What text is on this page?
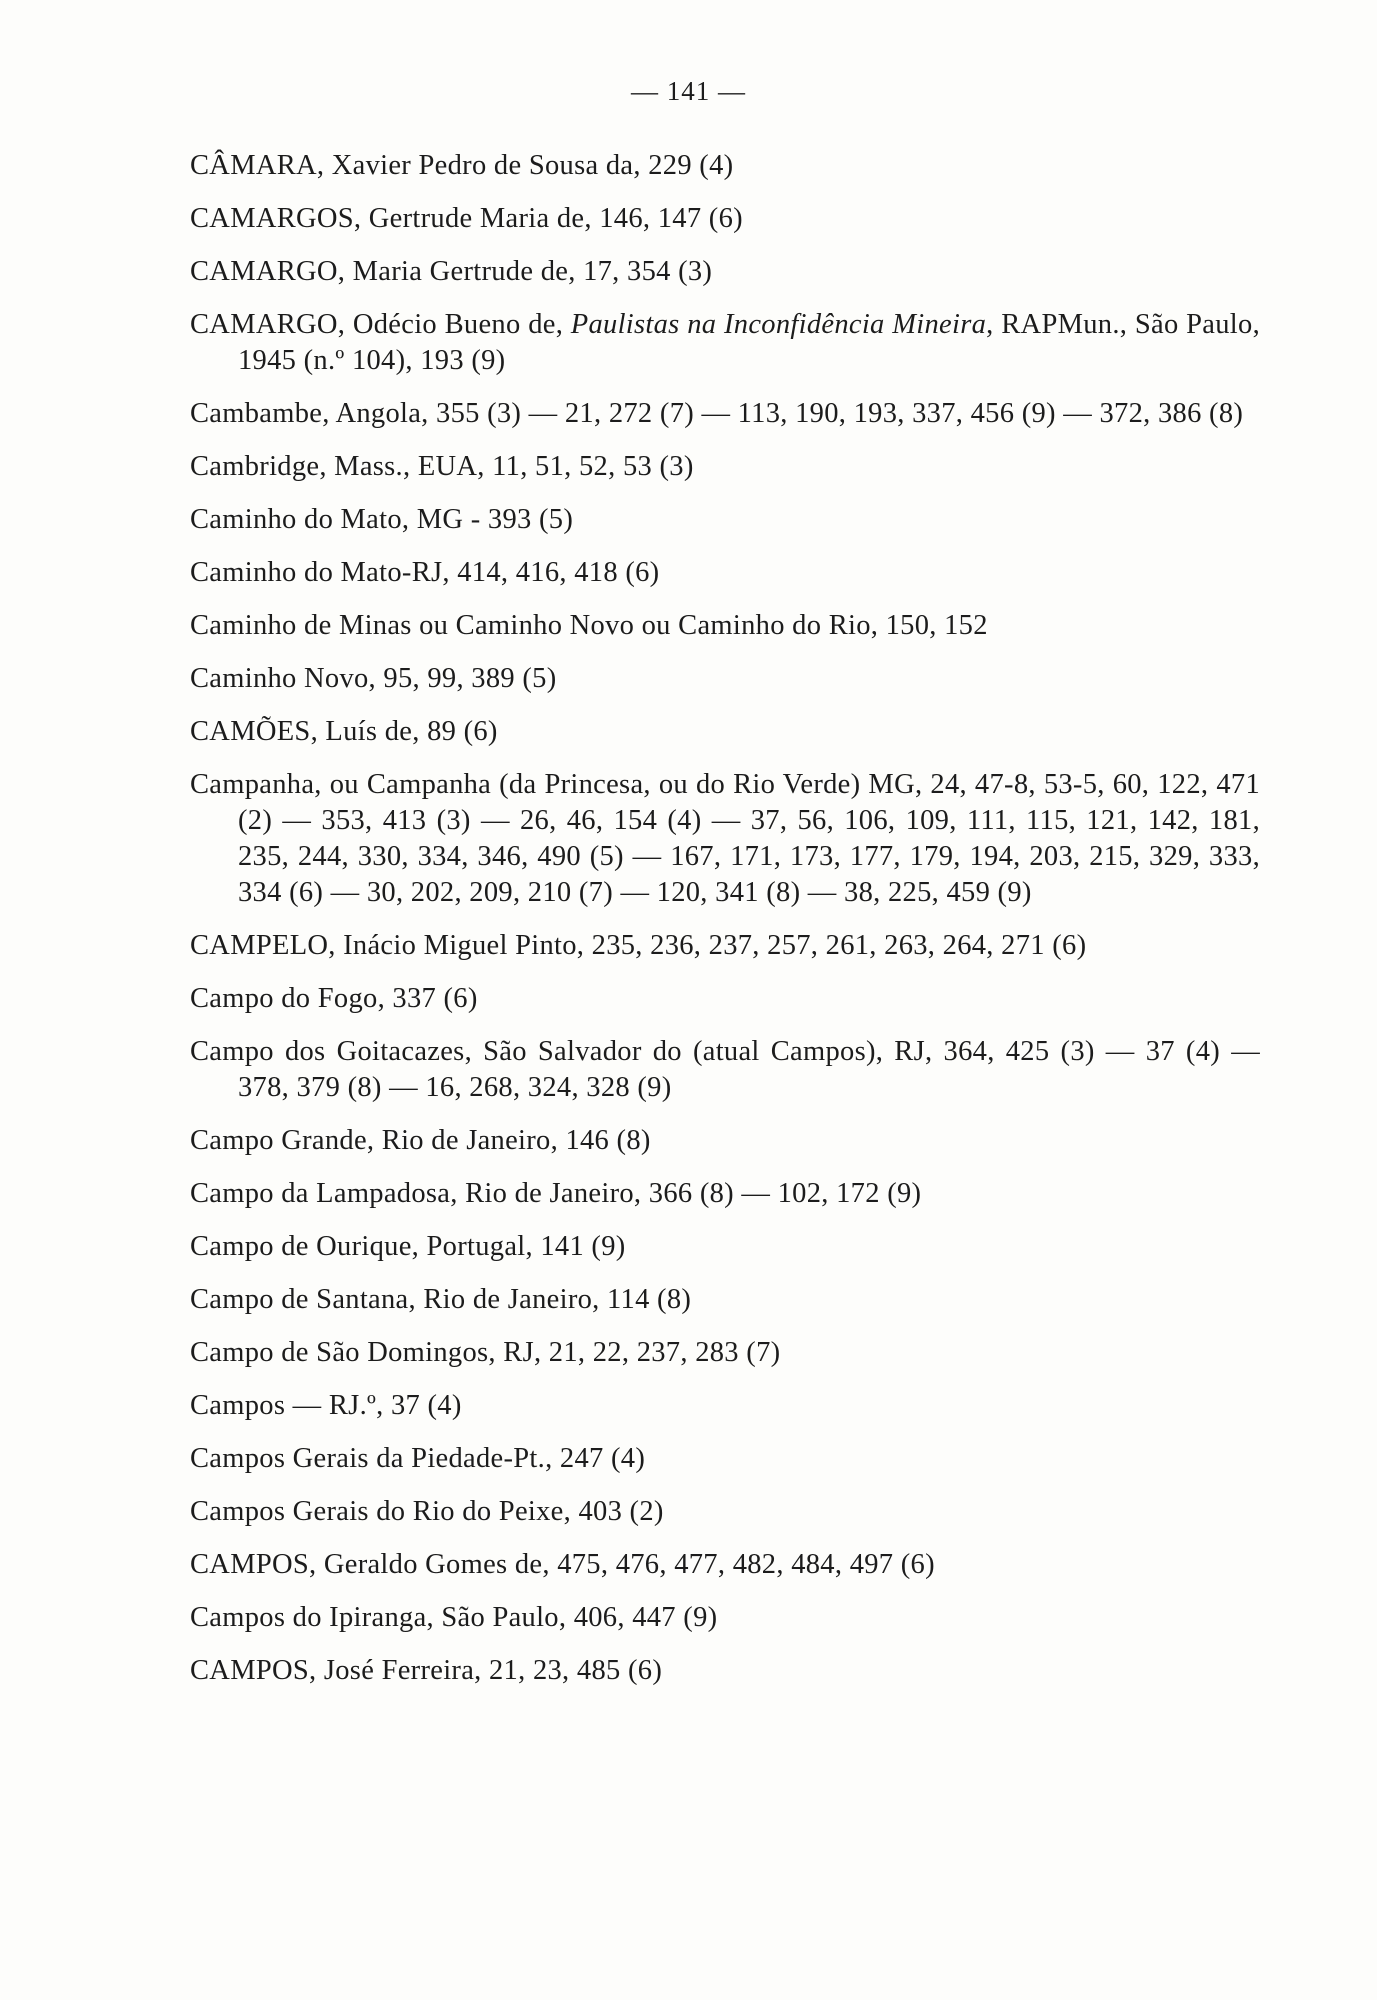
— 141 —
CÂMARA, Xavier Pedro de Sousa da, 229 (4)
CAMARGOS, Gertrude Maria de, 146, 147 (6)
CAMARGO, Maria Gertrude de, 17, 354 (3)
CAMARGO, Odécio Bueno de, Paulistas na Inconfidência Mineira, RAPMun., São Paulo, 1945 (n.º 104), 193 (9)
Cambambe, Angola, 355 (3) — 21, 272 (7) — 113, 190, 193, 337, 456 (9) — 372, 386 (8)
Cambridge, Mass., EUA, 11, 51, 52, 53 (3)
Caminho do Mato, MG - 393 (5)
Caminho do Mato-RJ, 414, 416, 418 (6)
Caminho de Minas ou Caminho Novo ou Caminho do Rio, 150, 152
Caminho Novo, 95, 99, 389 (5)
CAMÕES, Luís de, 89 (6)
Campanha, ou Campanha (da Princesa, ou do Rio Verde) MG, 24, 47-8, 53-5, 60, 122, 471 (2) — 353, 413 (3) — 26, 46, 154 (4) — 37, 56, 106, 109, 111, 115, 121, 142, 181, 235, 244, 330, 334, 346, 490 (5) — 167, 171, 173, 177, 179, 194, 203, 215, 329, 333, 334 (6) — 30, 202, 209, 210 (7) — 120, 341 (8) — 38, 225, 459 (9)
CAMPELO, Inácio Miguel Pinto, 235, 236, 237, 257, 261, 263, 264, 271 (6)
Campo do Fogo, 337 (6)
Campo dos Goitacazes, São Salvador do (atual Campos), RJ, 364, 425 (3) — 37 (4) — 378, 379 (8) — 16, 268, 324, 328 (9)
Campo Grande, Rio de Janeiro, 146 (8)
Campo da Lampadosa, Rio de Janeiro, 366 (8) — 102, 172 (9)
Campo de Ourique, Portugal, 141 (9)
Campo de Santana, Rio de Janeiro, 114 (8)
Campo de São Domingos, RJ, 21, 22, 237, 283 (7)
Campos — RJ.º, 37 (4)
Campos Gerais da Piedade-Pt., 247 (4)
Campos Gerais do Rio do Peixe, 403 (2)
CAMPOS, Geraldo Gomes de, 475, 476, 477, 482, 484, 497 (6)
Campos do Ipiranga, São Paulo, 406, 447 (9)
CAMPOS, José Ferreira, 21, 23, 485 (6)
